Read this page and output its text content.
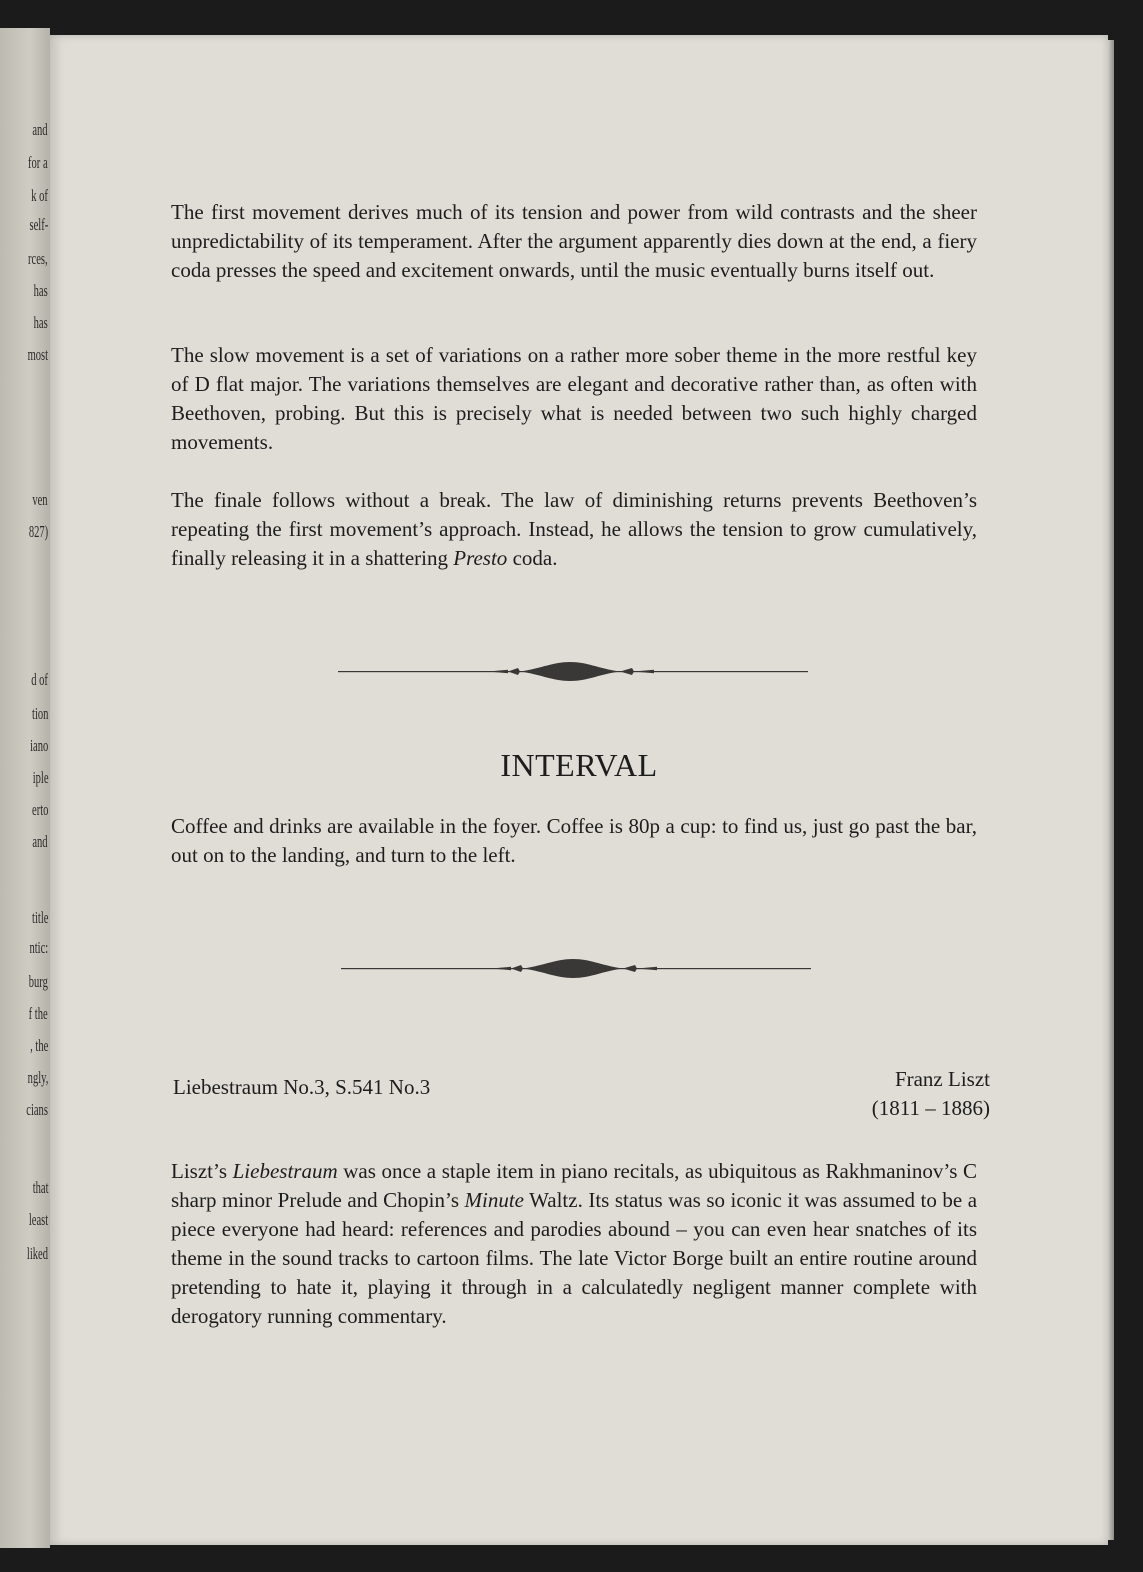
and
for a
k of
self-
rces,
has
has
most
ven
827)
d of
tion
iano
iple
erto
and
title
ntic:
burg
f the
, the
ngly,
cians
that
least
liked

The first movement derives much of its tension and power from wild contrasts and the sheer unpredictability of its temperament. After the argument apparently dies down at the end, a fiery coda presses the speed and excitement onwards, until the music eventually burns itself out.

The slow movement is a set of variations on a rather more sober theme in the more restful key of D flat major. The variations themselves are elegant and decorative rather than, as often with Beethoven, probing. But this is precisely what is needed between two such highly charged movements.

The finale follows without a break. The law of diminishing returns prevents Beethoven’s repeating the first movement’s approach. Instead, he allows the tension to grow cumulatively, finally releasing it in a shattering Presto coda.

INTERVAL

Coffee and drinks are available in the foyer. Coffee is 80p a cup: to find us, just go past the bar, out on to the landing, and turn to the left.

Liebestraum No.3, S.541 No.3	Franz Liszt
(1811 – 1886)

Liszt’s Liebestraum was once a staple item in piano recitals, as ubiquitous as Rakhmaninov’s C sharp minor Prelude and Chopin’s Minute Waltz. Its status was so iconic it was assumed to be a piece everyone had heard: references and parodies abound – you can even hear snatches of its theme in the sound tracks to cartoon films. The late Victor Borge built an entire routine around pretending to hate it, playing it through in a calculatedly negligent manner complete with derogatory running commentary.
